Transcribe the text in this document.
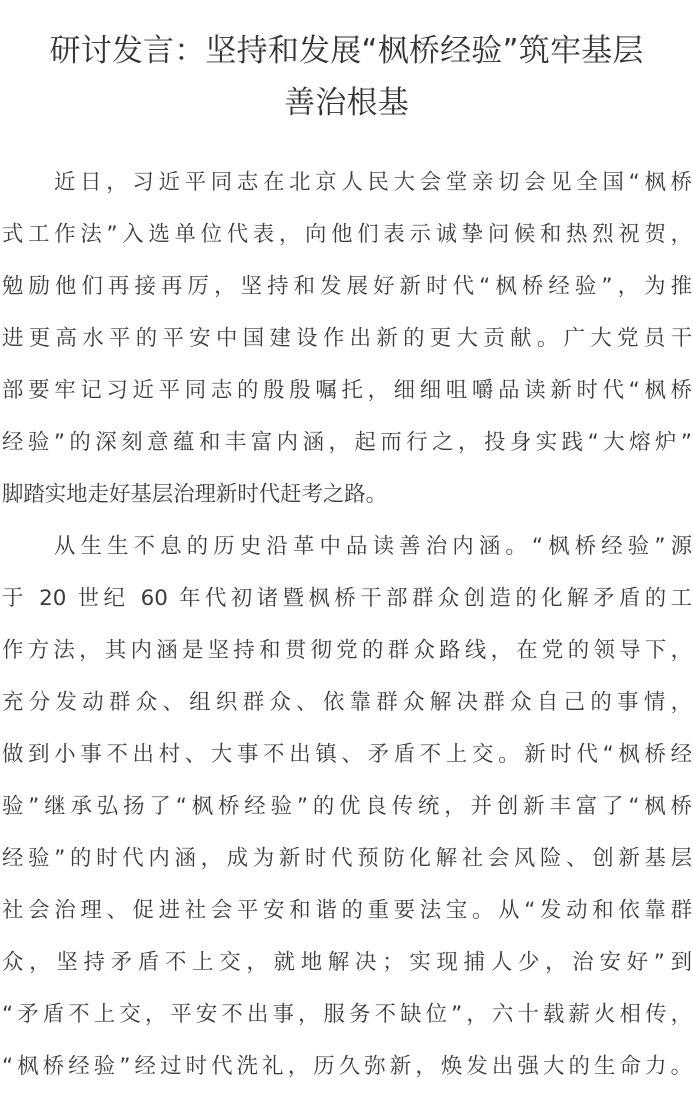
研讨发言：坚持和发展“枫桥经验”筑牢基层
善治根基
近日，习近平同志在北京人民大会堂亲切会见全国“枫桥
式工作法”入选单位代表，向他们表示诚挚问候和热烈祝贺，
勉励他们再接再厉，坚持和发展好新时代“枫桥经验”，为推
进更高水平的平安中国建设作出新的更大贡献。广大党员干
部要牢记习近平同志的殷殷嘱托，细细咀嚼品读新时代“枫桥
经验”的深刻意蕴和丰富内涵，起而行之，投身实践“大熔炉”
脚踏实地走好基层治理新时代赶考之路。
从生生不息的历史沿革中品读善治内涵。“枫桥经验”源
于 20 世纪 60 年代初诸暨枫桥干部群众创造的化解矛盾的工
作方法，其内涵是坚持和贯彻党的群众路线，在党的领导下，
充分发动群众、组织群众、依靠群众解决群众自己的事情，
做到小事不出村、大事不出镇、矛盾不上交。新时代“枫桥经
验”继承弘扬了“枫桥经验”的优良传统，并创新丰富了“枫桥
经验”的时代内涵，成为新时代预防化解社会风险、创新基层
社会治理、促进社会平安和谐的重要法宝。从“发动和依靠群
众，坚持矛盾不上交，就地解决；实现捕人少，治安好”到
“矛盾不上交，平安不出事，服务不缺位”，六十载薪火相传，
“枫桥经验”经过时代洗礼，历久弥新，焕发出强大的生命力。
